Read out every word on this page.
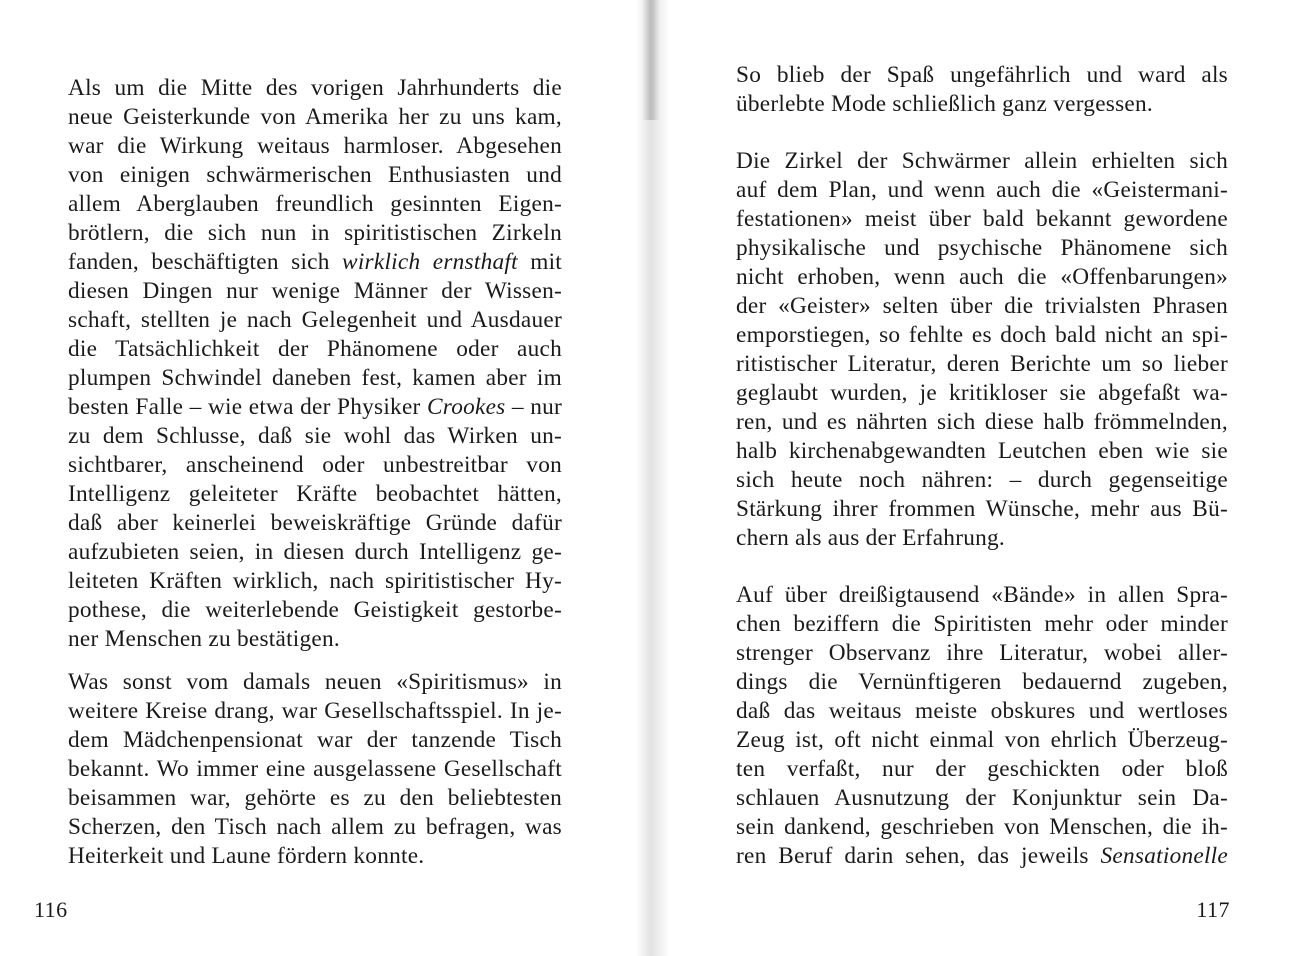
Als um die Mitte des vorigen Jahrhunderts die
neue Geisterkunde von Amerika her zu uns kam,
war die Wirkung weitaus harmloser. Abgesehen
von einigen schwärmerischen Enthusiasten und
allem Aberglauben freundlich gesinnten Eigen-
brötlern, die sich nun in spiritistischen Zirkeln
fanden, beschäftigten sich wirklich ernsthaft mit
diesen Dingen nur wenige Männer der Wissen-
schaft, stellten je nach Gelegenheit und Ausdauer
die Tatsächlichkeit der Phänomene oder auch
plumpen Schwindel daneben fest, kamen aber im
besten Falle – wie etwa der Physiker Crookes – nur
zu dem Schlusse, daß sie wohl das Wirken un-
sichtbarer, anscheinend oder unbestreitbar von
Intelligenz geleiteter Kräfte beobachtet hätten,
daß aber keinerlei beweiskräftige Gründe dafür
aufzubieten seien, in diesen durch Intelligenz ge-
leiteten Kräften wirklich, nach spiritistischer Hy-
pothese, die weiterlebende Geistigkeit gestorbe-
ner Menschen zu bestätigen.

Was sonst vom damals neuen «Spiritismus» in
weitere Kreise drang, war Gesellschaftsspiel. In je-
dem Mädchenpensionat war der tanzende Tisch
bekannt. Wo immer eine ausgelassene Gesellschaft
beisammen war, gehörte es zu den beliebtesten
Scherzen, den Tisch nach allem zu befragen, was
Heiterkeit und Laune fördern konnte.

116

So blieb der Spaß ungefährlich und ward als
überlebte Mode schließlich ganz vergessen.

Die Zirkel der Schwärmer allein erhielten sich
auf dem Plan, und wenn auch die «Geistermani-
festationen» meist über bald bekannt gewordene
physikalische und psychische Phänomene sich
nicht erhoben, wenn auch die «Offenbarungen»
der «Geister» selten über die trivialsten Phrasen
emporstiegen, so fehlte es doch bald nicht an spi-
ritistischer Literatur, deren Berichte um so lieber
geglaubt wurden, je kritikloser sie abgefaßt wa-
ren, und es nährten sich diese halb frömmelnden,
halb kirchenabgewandten Leutchen eben wie sie
sich heute noch nähren: – durch gegenseitige
Stärkung ihrer frommen Wünsche, mehr aus Bü-
chern als aus der Erfahrung.

Auf über dreißigtausend «Bände» in allen Spra-
chen beziffern die Spiritisten mehr oder minder
strenger Observanz ihre Literatur, wobei aller-
dings die Vernünftigeren bedauernd zugeben,
daß das weitaus meiste obskures und wertloses
Zeug ist, oft nicht einmal von ehrlich Überzeug-
ten verfaßt, nur der geschickten oder bloß
schlauen Ausnutzung der Konjunktur sein Da-
sein dankend, geschrieben von Menschen, die ih-
ren Beruf darin sehen, das jeweils Sensationelle

117
